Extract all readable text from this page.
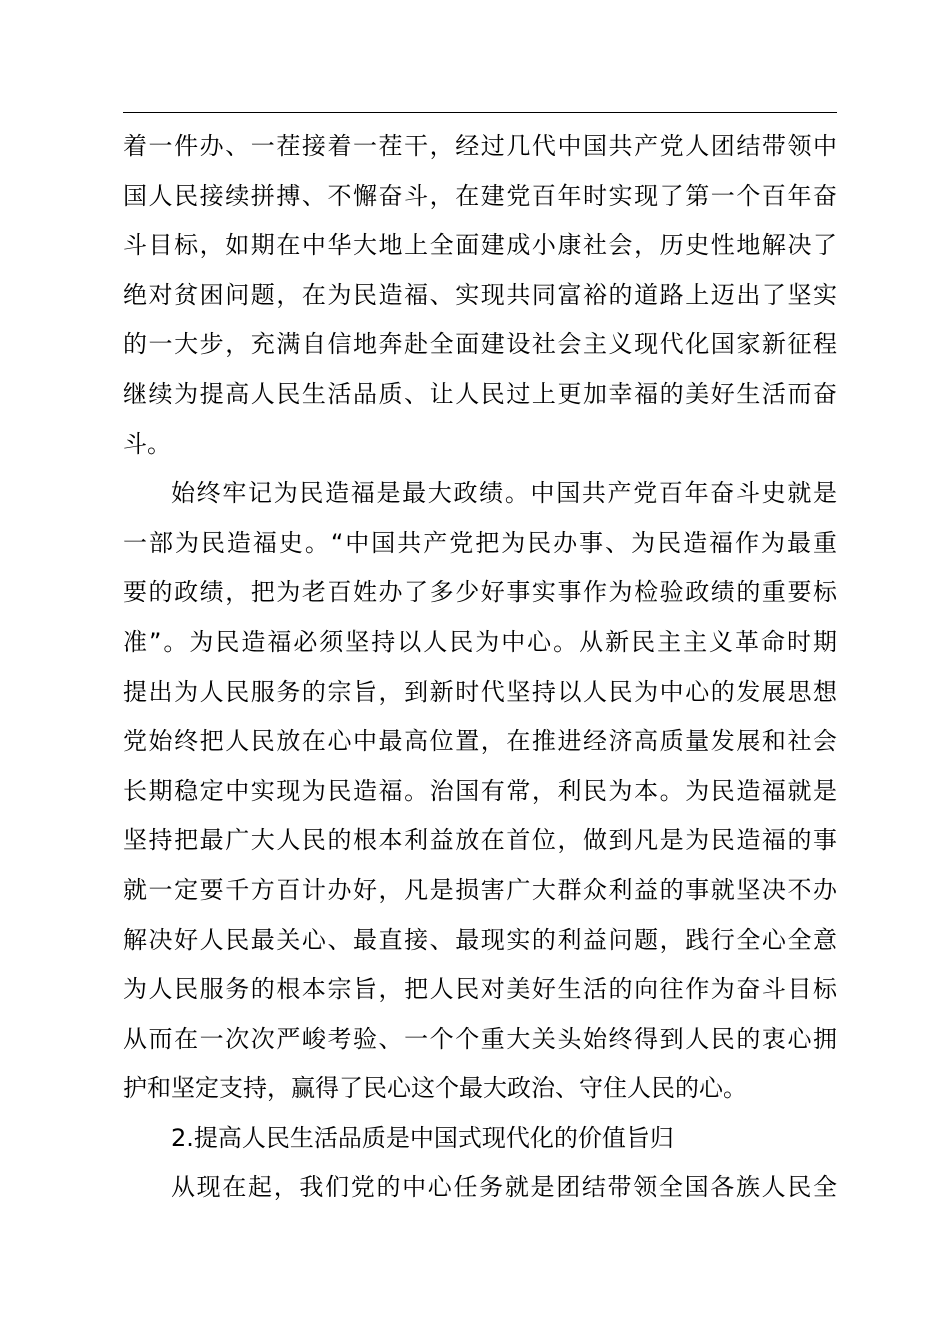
着一件办、一茬接着一茬干，经过几代中国共产党人团结带领中
国人民接续拼搏、不懈奋斗，在建党百年时实现了第一个百年奋
斗目标，如期在中华大地上全面建成小康社会，历史性地解决了
绝对贫困问题，在为民造福、实现共同富裕的道路上迈出了坚实
的一大步，充满自信地奔赴全面建设社会主义现代化国家新征程
继续为提高人民生活品质、让人民过上更加幸福的美好生活而奋
斗。
始终牢记为民造福是最大政绩。中国共产党百年奋斗史就是
一部为民造福史。“中国共产党把为民办事、为民造福作为最重
要的政绩，把为老百姓办了多少好事实事作为检验政绩的重要标
准”。为民造福必须坚持以人民为中心。从新民主主义革命时期
提出为人民服务的宗旨，到新时代坚持以人民为中心的发展思想
党始终把人民放在心中最高位置，在推进经济高质量发展和社会
长期稳定中实现为民造福。治国有常，利民为本。为民造福就是
坚持把最广大人民的根本利益放在首位，做到凡是为民造福的事
就一定要千方百计办好，凡是损害广大群众利益的事就坚决不办
解决好人民最关心、最直接、最现实的利益问题，践行全心全意
为人民服务的根本宗旨，把人民对美好生活的向往作为奋斗目标
从而在一次次严峻考验、一个个重大关头始终得到人民的衷心拥
护和坚定支持，赢得了民心这个最大政治、守住人民的心。
2.提高人民生活品质是中国式现代化的价值旨归
从现在起，我们党的中心任务就是团结带领全国各族人民全
